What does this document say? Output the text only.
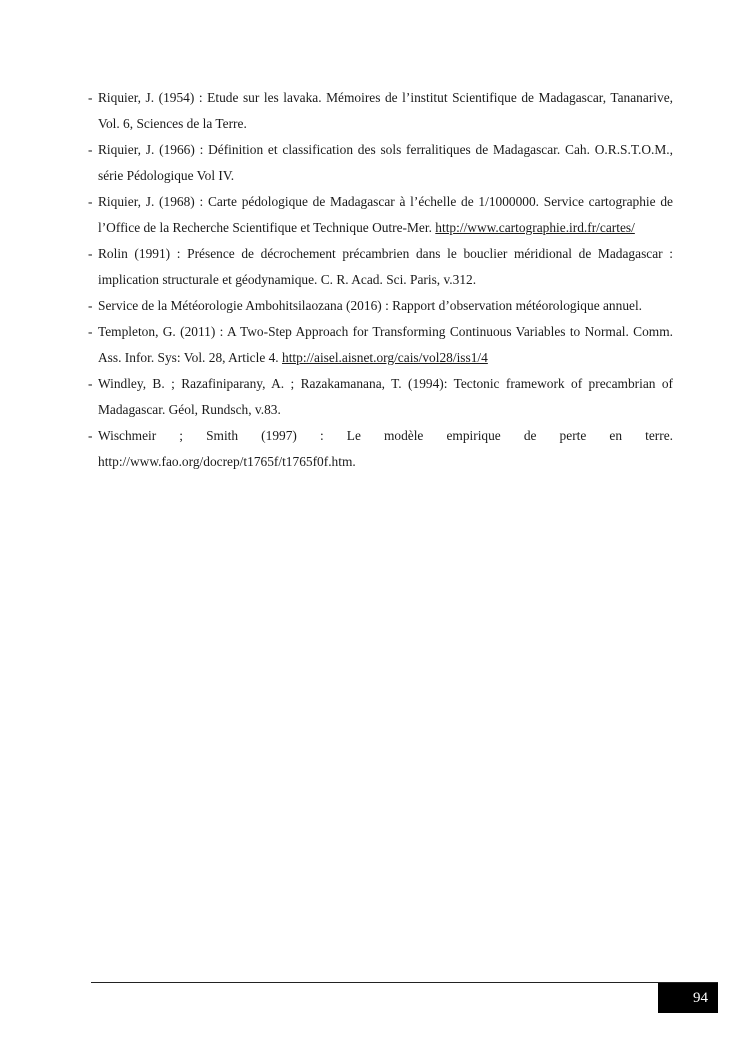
- Riquier, J. (1954) : Etude sur les lavaka. Mémoires de l’institut Scientifique de Madagascar, Tananarive, Vol. 6, Sciences de la Terre.
- Riquier, J. (1966) : Définition et classification des sols ferralitiques de Madagascar. Cah. O.R.S.T.O.M., série Pédologique Vol IV.
- Riquier, J. (1968) : Carte pédologique de Madagascar à l’échelle de 1/1000000. Service cartographie de l’Office de la Recherche Scientifique et Technique Outre-Mer. http://www.cartographie.ird.fr/cartes/
- Rolin (1991) : Présence de décrochement précambrien dans le bouclier méridional de Madagascar : implication structurale et géodynamique. C. R. Acad. Sci. Paris, v.312.
- Service de la Météorologie Ambohitsilaozana (2016) : Rapport d’observation météorologique annuel.
- Templeton, G. (2011) : A Two-Step Approach for Transforming Continuous Variables to Normal. Comm. Ass. Infor. Sys: Vol. 28, Article 4. http://aisel.aisnet.org/cais/vol28/iss1/4
- Windley, B. ; Razafiniparany, A. ; Razakamanana, T. (1994): Tectonic framework of precambrian of Madagascar. Géol, Rundsch, v.83.
- Wischmeir ; Smith (1997) : Le modèle empirique de perte en terre. http://www.fao.org/docrep/t1765f/t1765f0f.htm.
94
